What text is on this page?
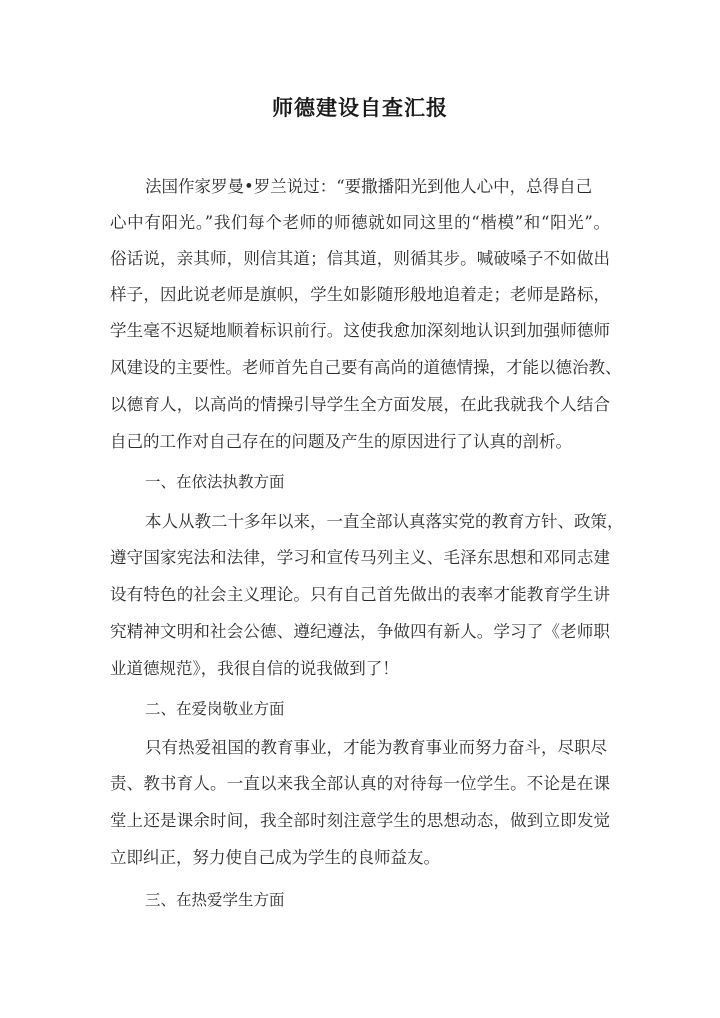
师德建设自查汇报
法国作家罗曼•罗兰说过：“要撒播阳光到他人心中，总得自己
心中有阳光。”我们每个老师的师德就如同这里的“楷模”和“阳光”。
俗话说，亲其师，则信其道；信其道，则循其步。喊破嗓子不如做出
样子，因此说老师是旗帜，学生如影随形般地追着走；老师是路标，
学生毫不迟疑地顺着标识前行。这使我愈加深刻地认识到加强师德师
风建设的主要性。老师首先自己要有高尚的道德情操，才能以德治教、
以德育人，以高尚的情操引导学生全方面发展，在此我就我个人结合
自己的工作对自己存在的问题及产生的原因进行了认真的剖析。
一、在依法执教方面
本人从教二十多年以来，一直全部认真落实党的教育方针、政策，
遵守国家宪法和法律，学习和宣传马列主义、毛泽东思想和邓同志建
设有特色的社会主义理论。只有自己首先做出的表率才能教育学生讲
究精神文明和社会公德、遵纪遵法，争做四有新人。学习了《老师职
业道德规范》，我很自信的说我做到了！
二、在爱岗敬业方面
只有热爱祖国的教育事业，才能为教育事业而努力奋斗，尽职尽
责、教书育人。一直以来我全部认真的对待每一位学生。不论是在课
堂上还是课余时间，我全部时刻注意学生的思想动态，做到立即发觉
立即纠正，努力使自己成为学生的良师益友。
三、在热爱学生方面
